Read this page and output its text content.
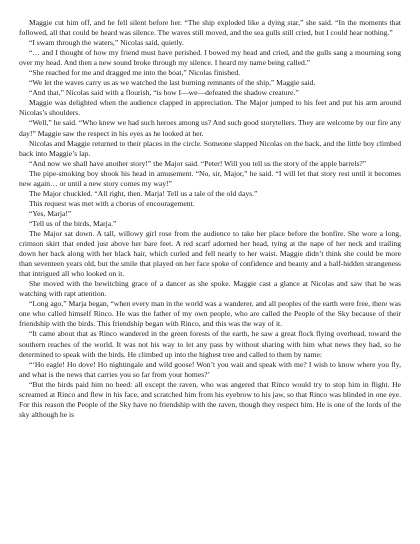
Maggie cut him off, and he fell silent before her. “The ship exploded like a dying star,” she said. “In the moments that followed, all that could be heard was silence. The waves still moved, and the sea gulls still cried, but I could hear nothing.”

“I swam through the waters,” Nicolas said, quietly.

“… and I thought of how my friend must have perished. I bowed my head and cried, and the gulls sang a mourning song over my head. And then a new sound broke through my silence. I heard my name being called.”

“She reached for me and dragged me into the boat,” Nicolas finished.

“We let the waves carry us as we watched the last burning remnants of the ship,” Maggie said.

“And that,” Nicolas said with a flourish, “is how I—we—defeated the shadow creature.”

Maggie was delighted when the audience clapped in appreciation. The Major jumped to his feet and put his arm around Nicolas’s shoulders.

“Well,” he said. “Who knew we had such heroes among us? And such good storytellers. They are welcome by our fire any day!” Maggie saw the respect in his eyes as he looked at her.

Nicolas and Maggie returned to their places in the circle. Someone slapped Nicolas on the back, and the little boy climbed back into Maggie’s lap.

“And now we shall have another story!” the Major said. “Peter! Will you tell us the story of the apple barrels?”

The pipe-smoking boy shook his head in amusement. “No, sir, Major,” he said. “I will let that story rest until it becomes new again… or until a new story comes my way!”

The Major chuckled. “All right, then. Marja! Tell us a tale of the old days.”

This request was met with a chorus of encouragement.

“Yes, Marja!”

“Tell us of the birds, Marja.”

The Major sat down. A tall, willowy girl rose from the audience to take her place before the bonfire. She wore a long, crimson skirt that ended just above her bare feet. A red scarf adorned her head, tying at the nape of her neck and trailing down her back along with her black hair, which curled and fell nearly to her waist. Maggie didn’t think she could be more than seventeen years old, but the smile that played on her face spoke of confidence and beauty and a half-hidden strangeness that intrigued all who looked on it.

She moved with the bewitching grace of a dancer as she spoke. Maggie cast a glance at Nicolas and saw that he was watching with rapt attention.

“Long ago,” Marja began, “when every man in the world was a wanderer, and all peoples of the earth were free, there was one who called himself Rinco. He was the father of my own people, who are called the People of the Sky because of their friendship with the birds. This friendship began with Rinco, and this was the way of it.

“It came about that as Rinco wandered in the green forests of the earth, he saw a great flock flying overhead, toward the southern reaches of the world. It was not his way to let any pass by without sharing with him what news they had, so he determined to speak with the birds. He climbed up into the highest tree and called to them by name:

“‘Ho eagle! Ho dove! Ho nightingale and wild goose! Won’t you wait and speak with me? I wish to know where you fly, and what is the news that carries you so far from your homes?’

“But the birds paid him no heed: all except the raven, who was angered that Rinco would try to stop him in flight. He screamed at Rinco and flew in his face, and scratched him from his eyebrow to his jaw, so that Rinco was blinded in one eye. For this reason the People of the Sky have no friendship with the raven, though they respect him. He is one of the lords of the sky although he is
